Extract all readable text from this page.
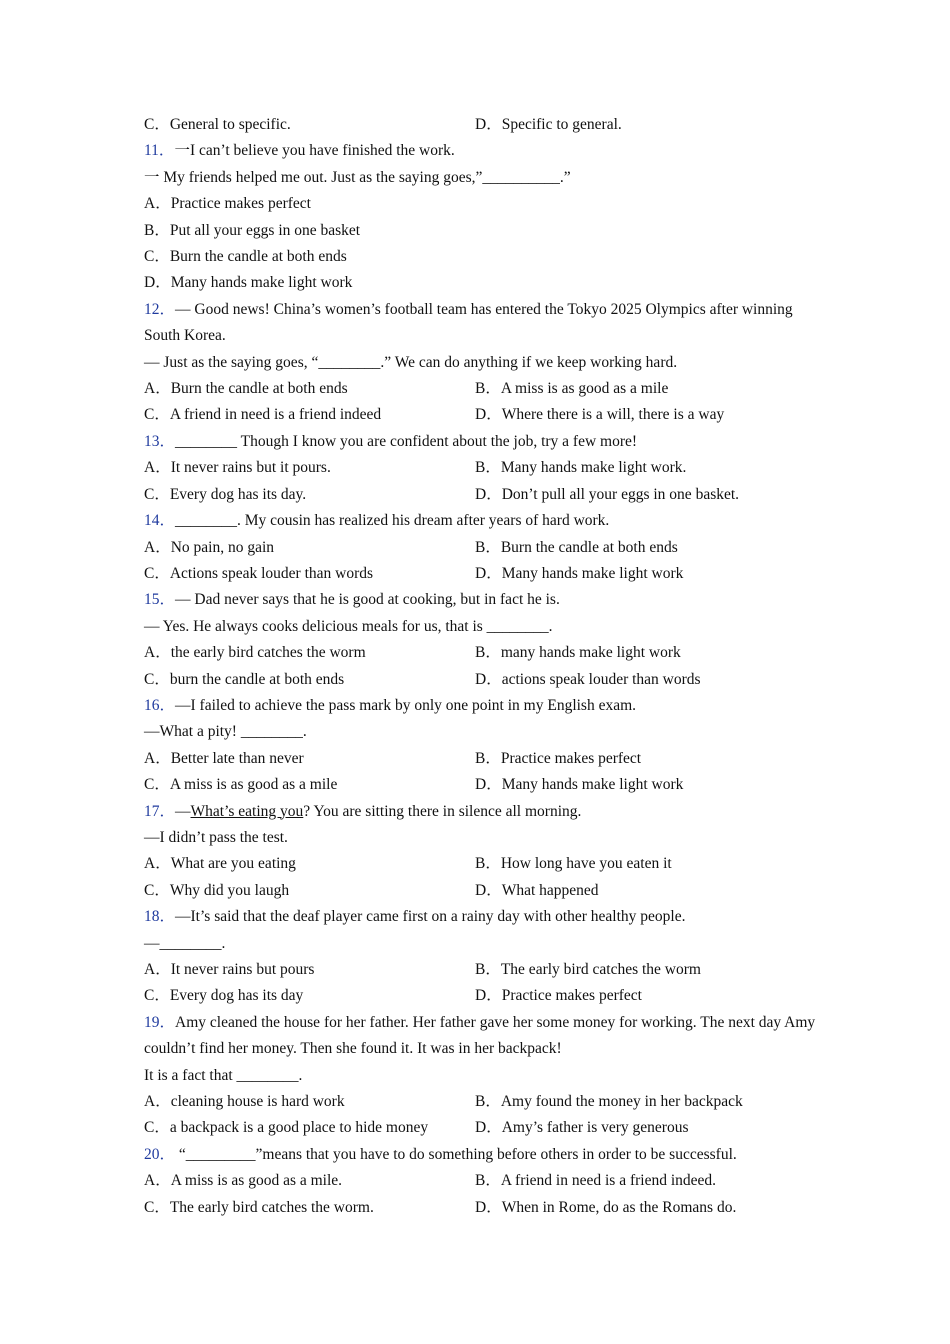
C．General to specific.	D．Specific to general.
11．一I can’t believe you have finished the work.
一 My friends helped me out. Just as the saying goes,”__________.”
A．Practice makes perfect
B．Put all your eggs in one basket
C．Burn the candle at both ends
D．Many hands make light work
12．— Good news! China’s women’s football team has entered the Tokyo 2025 Olympics after winning South Korea.
— Just as the saying goes, “________.” We can do anything if we keep working hard.
A．Burn the candle at both ends	B．A miss is as good as a mile
C．A friend in need is a friend indeed	D．Where there is a will, there is a way
13．________ Though I know you are confident about the job, try a few more!
A．It never rains but it pours.	B．Many hands make light work.
C．Every dog has its day.	D．Don’t pull all your eggs in one basket.
14．________. My cousin has realized his dream after years of hard work.
A．No pain, no gain	B．Burn the candle at both ends
C．Actions speak louder than words	D．Many hands make light work
15．— Dad never says that he is good at cooking, but in fact he is.
— Yes. He always cooks delicious meals for us, that is ________.
A．the early bird catches the worm	B．many hands make light work
C．burn the candle at both ends	D．actions speak louder than words
16．—I failed to achieve the pass mark by only one point in my English exam.
—What a pity! ________.
A．Better late than never	B．Practice makes perfect
C．A miss is as good as a mile	D．Many hands make light work
17．—What’s eating you? You are sitting there in silence all morning.
—I didn’t pass the test.
A．What are you eating	B．How long have you eaten it
C．Why did you laugh	D．What happened
18．—It’s said that the deaf player came first on a rainy day with other healthy people.
—________.
A．It never rains but pours	B．The early bird catches the worm
C．Every dog has its day	D．Practice makes perfect
19．Amy cleaned the house for her father. Her father gave her some money for working. The next day Amy couldn’t find her money. Then she found it. It was in her backpack!
It is a fact that ________.
A．cleaning house is hard work	B．Amy found the money in her backpack
C．a backpack is a good place to hide money	D．Amy’s father is very generous
20． “_________”means that you have to do something before others in order to be successful.
A．A miss is as good as a mile.	B．A friend in need is a friend indeed.
C．The early bird catches the worm.	D．When in Rome, do as the Romans do.
